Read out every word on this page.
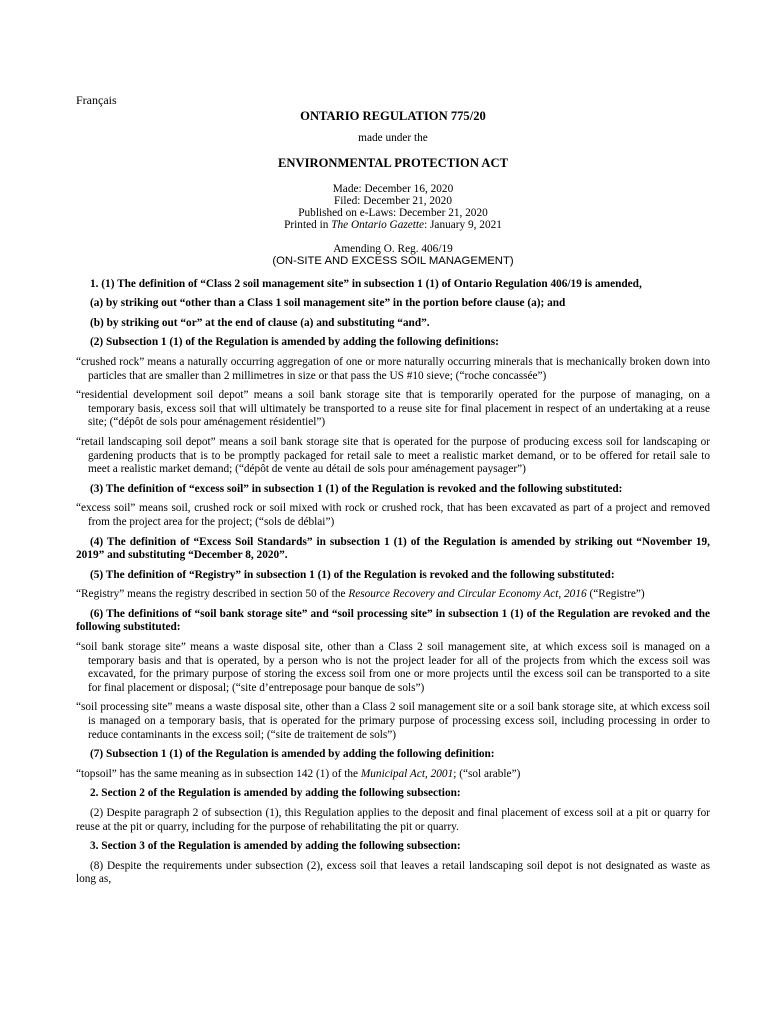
Français
ONTARIO REGULATION 775/20
made under the
ENVIRONMENTAL PROTECTION ACT
Made: December 16, 2020
Filed: December 21, 2020
Published on e-Laws: December 21, 2020
Printed in The Ontario Gazette: January 9, 2021
Amending O. Reg. 406/19
(ON-SITE AND EXCESS SOIL MANAGEMENT)

1. (1) The definition of “Class 2 soil management site” in subsection 1 (1) of Ontario Regulation 406/19 is amended,

(a) by striking out “other than a Class 1 soil management site” in the portion before clause (a); and

(b) by striking out “or” at the end of clause (a) and substituting “and”.

(2) Subsection 1 (1) of the Regulation is amended by adding the following definitions:

“crushed rock” means a naturally occurring aggregation of one or more naturally occurring minerals that is mechanically broken down into particles that are smaller than 2 millimetres in size or that pass the US #10 sieve; (“roche concassée”)

“residential development soil depot” means a soil bank storage site that is temporarily operated for the purpose of managing, on a temporary basis, excess soil that will ultimately be transported to a reuse site for final placement in respect of an undertaking at a reuse site; (“dépôt de sols pour aménagement résidentiel”)

“retail landscaping soil depot” means a soil bank storage site that is operated for the purpose of producing excess soil for landscaping or gardening products that is to be promptly packaged for retail sale to meet a realistic market demand, or to be offered for retail sale to meet a realistic market demand; (“dépôt de vente au détail de sols pour aménagement paysager”)

(3) The definition of “excess soil” in subsection 1 (1) of the Regulation is revoked and the following substituted:

“excess soil” means soil, crushed rock or soil mixed with rock or crushed rock, that has been excavated as part of a project and removed from the project area for the project; (“sols de déblai”)

(4) The definition of “Excess Soil Standards” in subsection 1 (1) of the Regulation is amended by striking out “November 19, 2019” and substituting “December 8, 2020”.

(5) The definition of “Registry” in subsection 1 (1) of the Regulation is revoked and the following substituted:

“Registry” means the registry described in section 50 of the Resource Recovery and Circular Economy Act, 2016 (“Registre”)

(6) The definitions of “soil bank storage site” and “soil processing site” in subsection 1 (1) of the Regulation are revoked and the following substituted:

“soil bank storage site” means a waste disposal site, other than a Class 2 soil management site, at which excess soil is managed on a temporary basis and that is operated, by a person who is not the project leader for all of the projects from which the excess soil was excavated, for the primary purpose of storing the excess soil from one or more projects until the excess soil can be transported to a site for final placement or disposal; (“site d’entreposage pour banque de sols”)

“soil processing site” means a waste disposal site, other than a Class 2 soil management site or a soil bank storage site, at which excess soil is managed on a temporary basis, that is operated for the primary purpose of processing excess soil, including processing in order to reduce contaminants in the excess soil; (“site de traitement de sols”)

(7) Subsection 1 (1) of the Regulation is amended by adding the following definition:

“topsoil” has the same meaning as in subsection 142 (1) of the Municipal Act, 2001; (“sol arable”)

2. Section 2 of the Regulation is amended by adding the following subsection:

(2) Despite paragraph 2 of subsection (1), this Regulation applies to the deposit and final placement of excess soil at a pit or quarry for reuse at the pit or quarry, including for the purpose of rehabilitating the pit or quarry.

3. Section 3 of the Regulation is amended by adding the following subsection:

(8) Despite the requirements under subsection (2), excess soil that leaves a retail landscaping soil depot is not designated as waste as long as,
